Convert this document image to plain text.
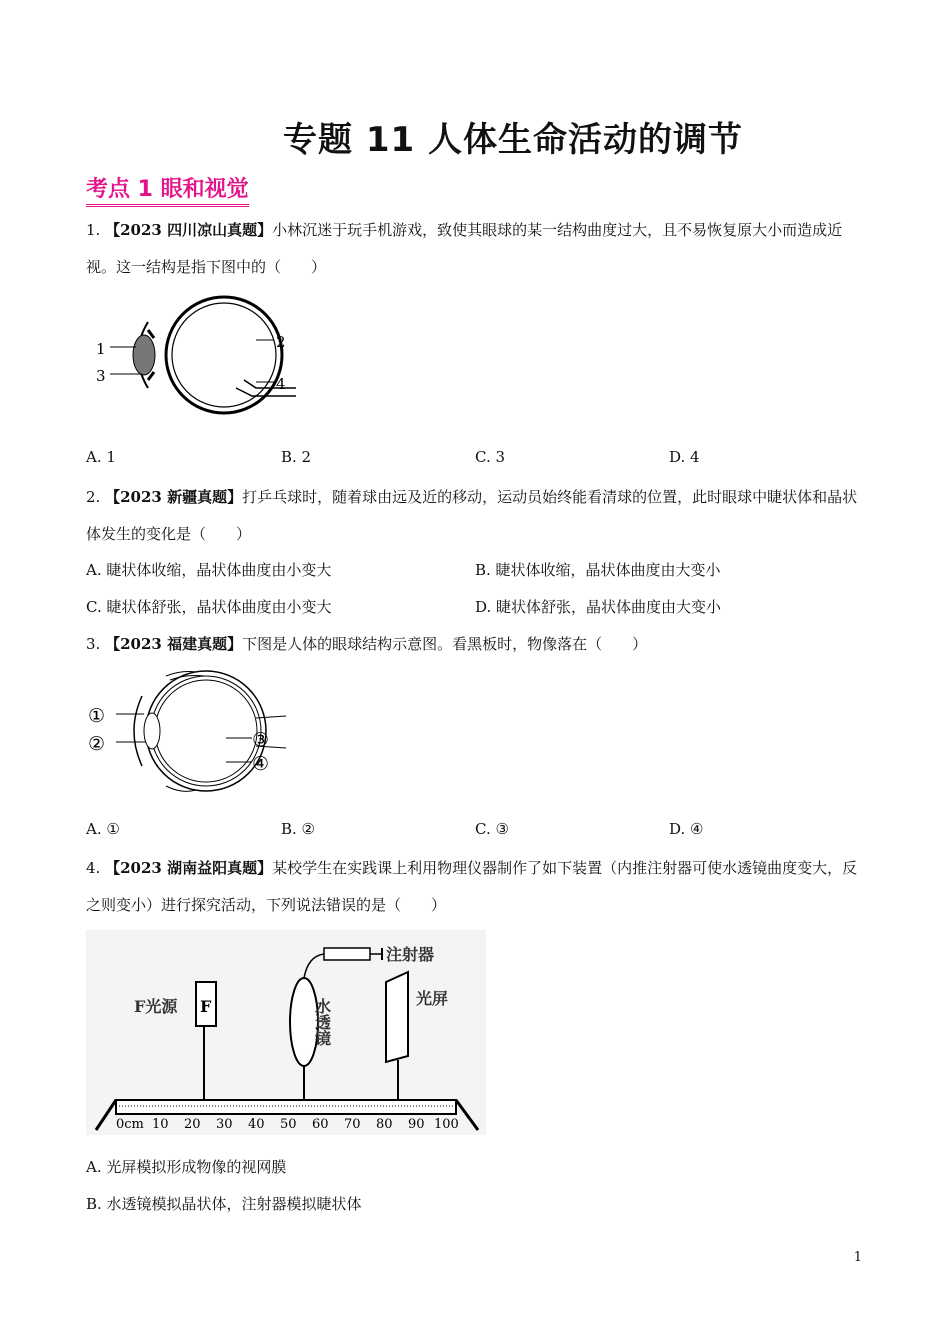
专题 11 人体生命活动的调节
考点 1 眼和视觉
1. 【2023 四川凉山真题】小林沉迷于玩手机游戏，致使其眼球的某一结构曲度过大，且不易恢复原大小而造成近视。这一结构是指下图中的（　　）
1	2
3	4
A. 1	B. 2	C. 3	D. 4
2. 【2023 新疆真题】打乒乓球时，随着球由远及近的移动，运动员始终能看清球的位置，此时眼球中睫状体和晶状体发生的变化是（　　）
A. 睫状体收缩，晶状体曲度由小变大	B. 睫状体收缩，晶状体曲度由大变小
C. 睫状体舒张，晶状体曲度由小变大	D. 睫状体舒张，晶状体曲度由大变小
3. 【2023 福建真题】下图是人体的眼球结构示意图。看黑板时，物像落在（　　）
①
②	③
④
A. ①	B. ②	C. ③	D. ④
4. 【2023 湖南益阳真题】某校学生在实践课上利用物理仪器制作了如下装置（内推注射器可使水透镜曲度变大，反之则变小）进行探究活动，下列说法错误的是（　　）
注射器
F
F光源	水透镜	光屏
0cm 10 20 30 40 50 60 70 80 90 100
A. 光屏模拟形成物像的视网膜
B. 水透镜模拟晶状体，注射器模拟睫状体
1
